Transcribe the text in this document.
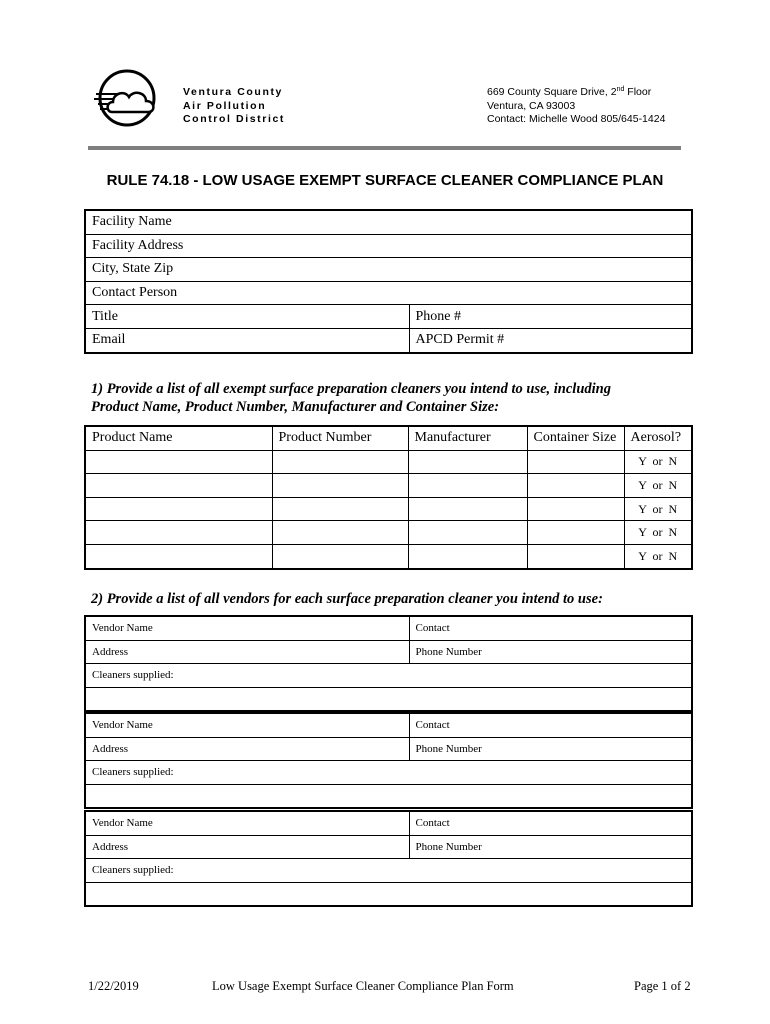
Ventura County
Air Pollution
Control District
669 County Square Drive, 2nd Floor
Ventura, CA 93003
Contact: Michelle Wood 805/645-1424
RULE 74.18 - LOW USAGE EXEMPT SURFACE CLEANER COMPLIANCE PLAN
Facility Name	
Facility Address	
City, State Zip	
Contact Person	
Title	Phone #
Email	APCD Permit #
1) Provide a list of all exempt surface preparation cleaners you intend to use, including
Product Name, Product Number, Manufacturer and Container Size:
Product Name	Product Number	Manufacturer	Container Size	Aerosol?
				Y or N
				Y or N
				Y or N
				Y or N
				Y or N
2) Provide a list of all vendors for each surface preparation cleaner you intend to use:
Vendor Name	Contact
Address	Phone Number
Cleaners supplied:	

Vendor Name	Contact
Address	Phone Number
Cleaners supplied:	

Vendor Name	Contact
Address	Phone Number
Cleaners supplied:	

1/22/2019	Low Usage Exempt Surface Cleaner Compliance Plan Form	Page 1 of 2
